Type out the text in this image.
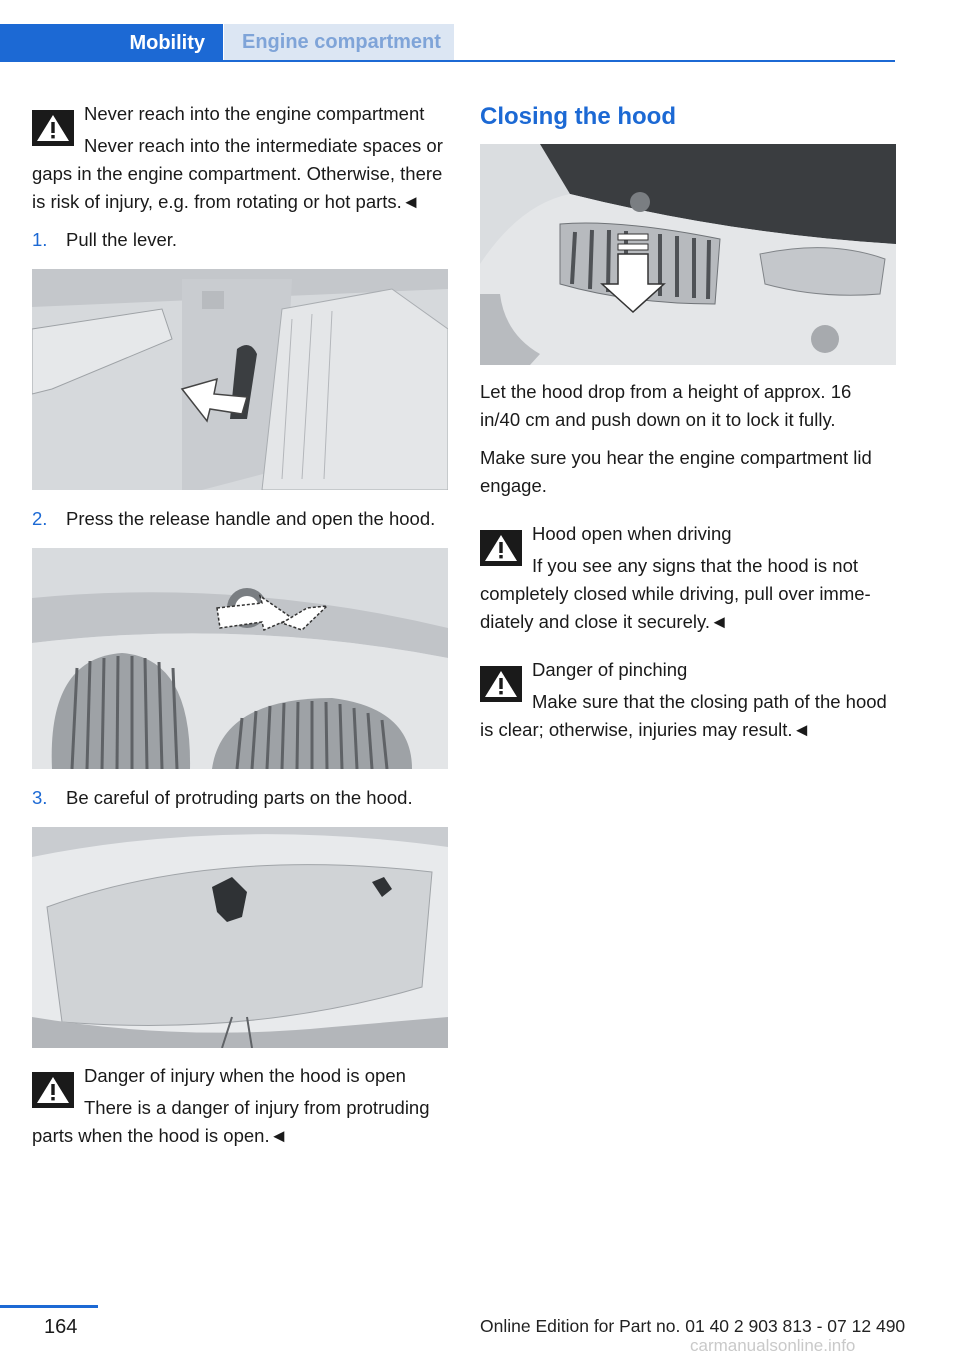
Mobility	Engine compartment

Never reach into the engine compartment

Never reach into the intermediate spaces or gaps in the engine compartment. Otherwise, there is risk of injury, e.g. from rotating or hot parts.◄

1.	Pull the lever.
2.	Press the release handle and open the hood.
3.	Be careful of protruding parts on the hood.

Danger of injury when the hood is open

There is a danger of injury from protruding parts when the hood is open.◄

Closing the hood

Let the hood drop from a height of approx. 16 in/40 cm and push down on it to lock it fully.

Make sure you hear the engine compartment lid engage.

Hood open when driving

If you see any signs that the hood is not completely closed while driving, pull over imme‐diately and close it securely.◄

Danger of pinching

Make sure that the closing path of the hood is clear; otherwise, injuries may result.◄

164	Online Edition for Part no. 01 40 2 903 813 - 07 12 490
carmanualsonline.info
